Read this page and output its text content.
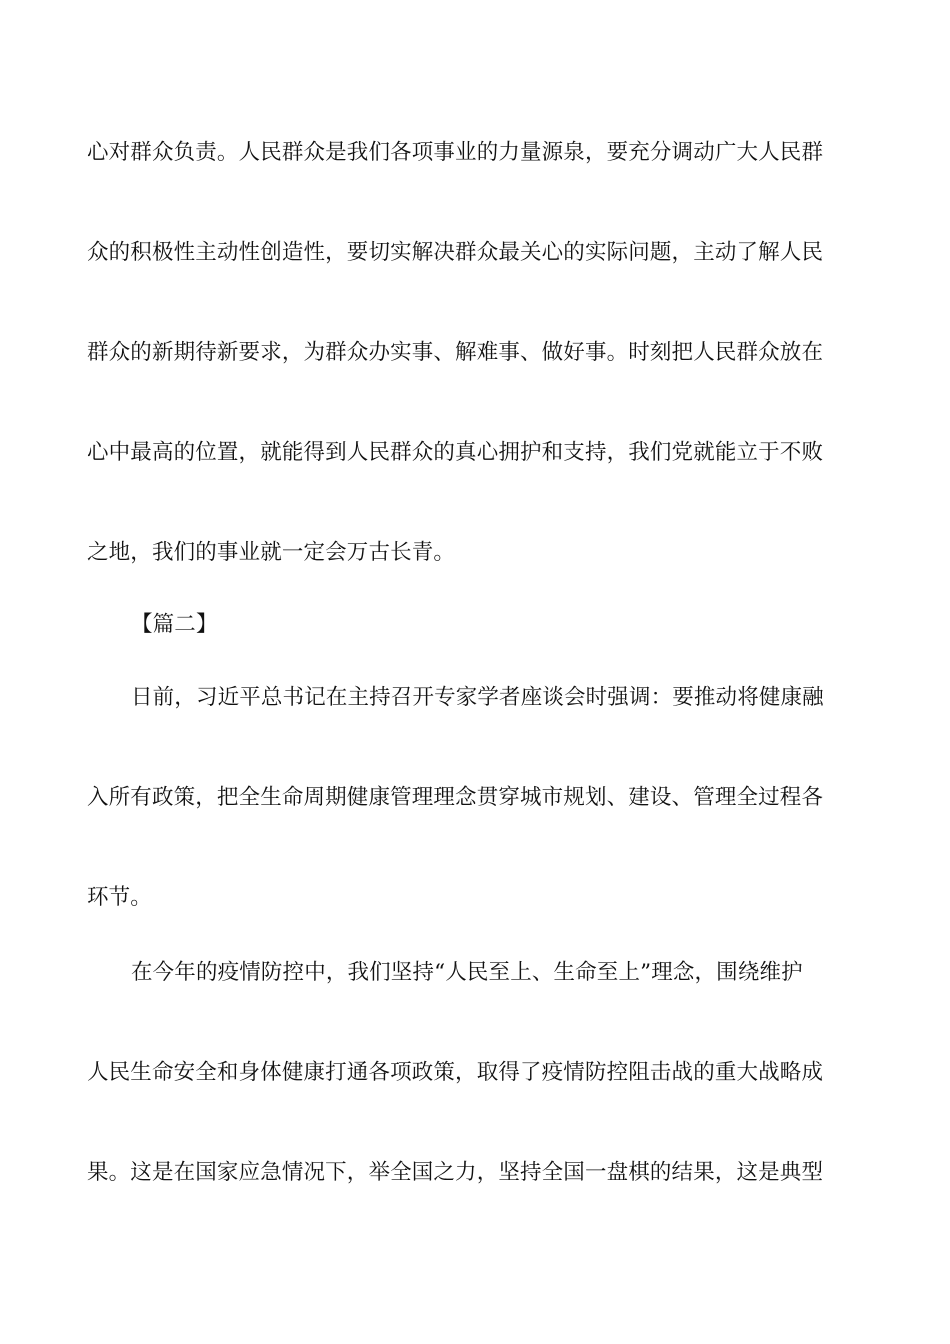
心对群众负责。人民群众是我们各项事业的力量源泉，要充分调动广大人民群
众的积极性主动性创造性，要切实解决群众最关心的实际问题，主动了解人民
群众的新期待新要求，为群众办实事、解难事、做好事。时刻把人民群众放在
心中最高的位置，就能得到人民群众的真心拥护和支持，我们党就能立于不败
之地，我们的事业就一定会万古长青。
【篇二】
日前，习近平总书记在主持召开专家学者座谈会时强调：要推动将健康融
入所有政策，把全生命周期健康管理理念贯穿城市规划、建设、管理全过程各
环节。
在今年的疫情防控中，我们坚持“人民至上、生命至上”理念，围绕维护
人民生命安全和身体健康打通各项政策，取得了疫情防控阻击战的重大战略成
果。这是在国家应急情况下，举全国之力，坚持全国一盘棋的结果，这是典型
